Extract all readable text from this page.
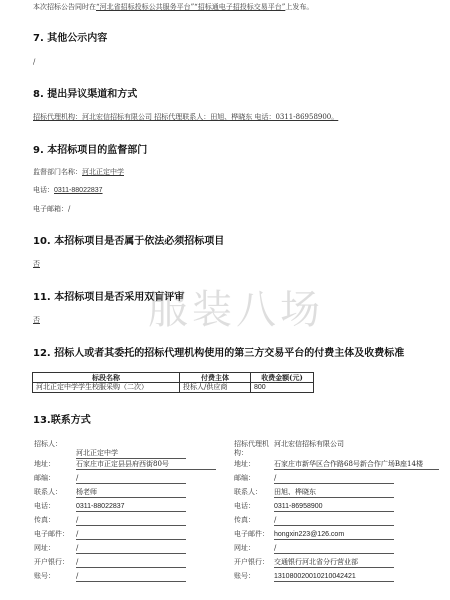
本次招标公告同时在“河北省招标投标公共服务平台”“招标通电子招投标交易平台”上发布。
7. 其他公示内容
/
8. 提出异议渠道和方式
招标代理机构：河北宏信招标有限公司 招标代理联系人：田旭、桦晓东 电话：0311-86958900。
9. 本招标项目的监督部门
监督部门名称：河北正定中学
电话：0311-88022837
电子邮箱：/
10. 本招标项目是否属于依法必须招标项目
否
11. 本招标项目是否采用双盲评审
否
12. 招标人或者其委托的招标代理机构使用的第三方交易平台的付费主体及收费标准
标段名称	付费主体	收费金额(元)
河北正定中学学生校服采购（二次）	投标人/供应商	800
13.联系方式
招标人：
河北正定中学
地址：	石家庄市正定县县府西街80号
邮编：	/
联系人： 杨老师
电话：	0311-88022837
传真：	/
电子邮件： /
网址：	/
开户银行： /
账号：	/
招标代理机构：
河北宏信招标有限公司
地址：	石家庄市新华区合作路68号新合作广场B座14楼
邮编：	/
联系人： 田旭、桦晓东
电话：	0311-86958900
传真：	/
电子邮件： hongxin223@126.com
网址：	/
开户银行： 交通银行河北省分行营业部
账号：	131080020010210042421
服装八场
